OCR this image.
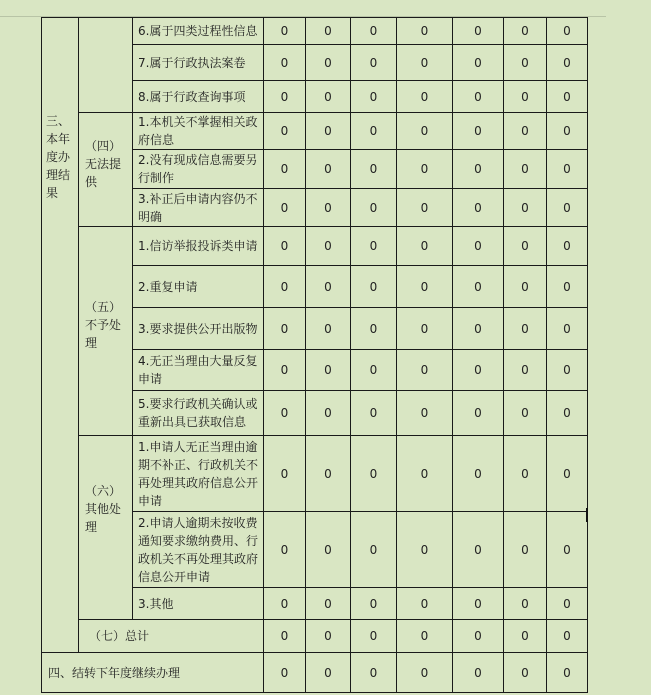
三、本年度办理结果		6.属于四类过程性信息	0	0	0	0	0	0	0
		7.属于行政执法案卷	0	0	0	0	0	0	0
		8.属于行政查询事项	0	0	0	0	0	0	0

	（四）无法提供	1.本机关不掌握相关政府信息	0	0	0	0	0	0	0
		2.没有现成信息需要另行制作	0	0	0	0	0	0	0
		3.补正后申请内容仍不明确	0	0	0	0	0	0	0

	（五）不予处理	1.信访举报投诉类申请	0	0	0	0	0	0	0
		2.重复申请	0	0	0	0	0	0	0
		3.要求提供公开出版物	0	0	0	0	0	0	0
		4.无正当理由大量反复申请	0	0	0	0	0	0	0
		5.要求行政机关确认或重新出具已获取信息	0	0	0	0	0	0	0

	（六）其他处理	1.申请人无正当理由逾期不补正、行政机关不再处理其政府信息公开申请	0	0	0	0	0	0	0
		2.申请人逾期未按收费通知要求缴纳费用、行政机关不再处理其政府信息公开申请	0	0	0	0	0	0	0
		3.其他	0	0	0	0	0	0	0
	（七）总计		0	0	0	0	0	0	0
四、结转下年度继续办理			0	0	0	0	0	0	0
